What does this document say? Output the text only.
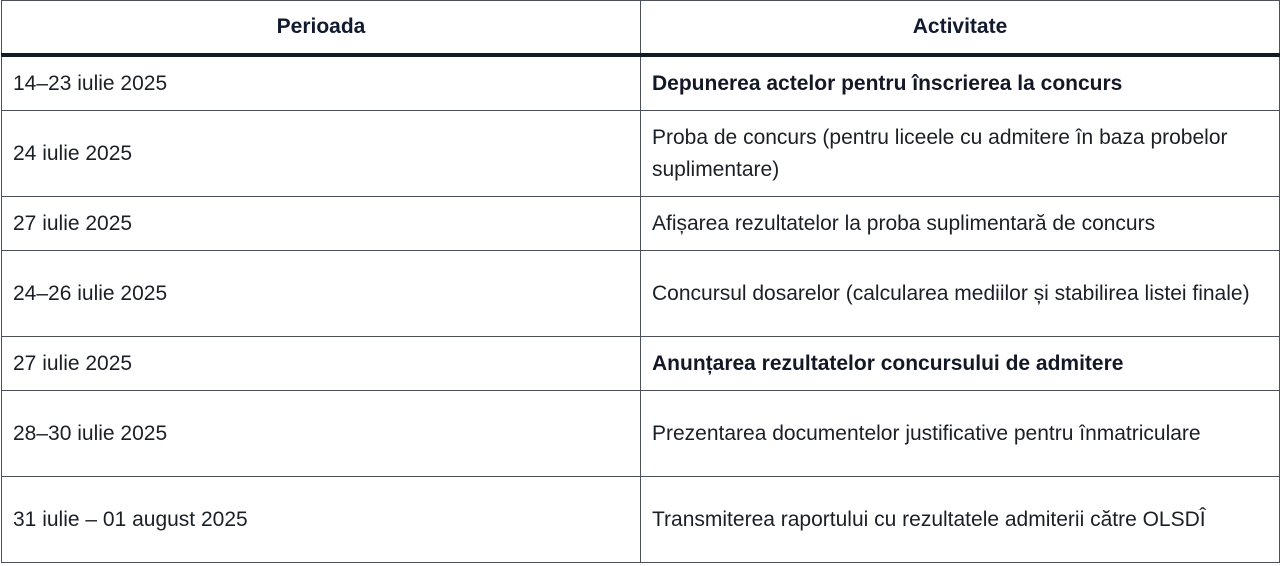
Perioada	Activitate
14–23 iulie 2025	Depunerea actelor pentru înscrierea la concurs
24 iulie 2025	Proba de concurs (pentru liceele cu admitere în baza probelor suplimentare)
27 iulie 2025	Afișarea rezultatelor la proba suplimentară de concurs
24–26 iulie 2025	Concursul dosarelor (calcularea mediilor și stabilirea listei finale)
27 iulie 2025	Anunțarea rezultatelor concursului de admitere
28–30 iulie 2025	Prezentarea documentelor justificative pentru înmatriculare
31 iulie – 01 august 2025	Transmiterea raportului cu rezultatele admiterii către OLSDÎ
